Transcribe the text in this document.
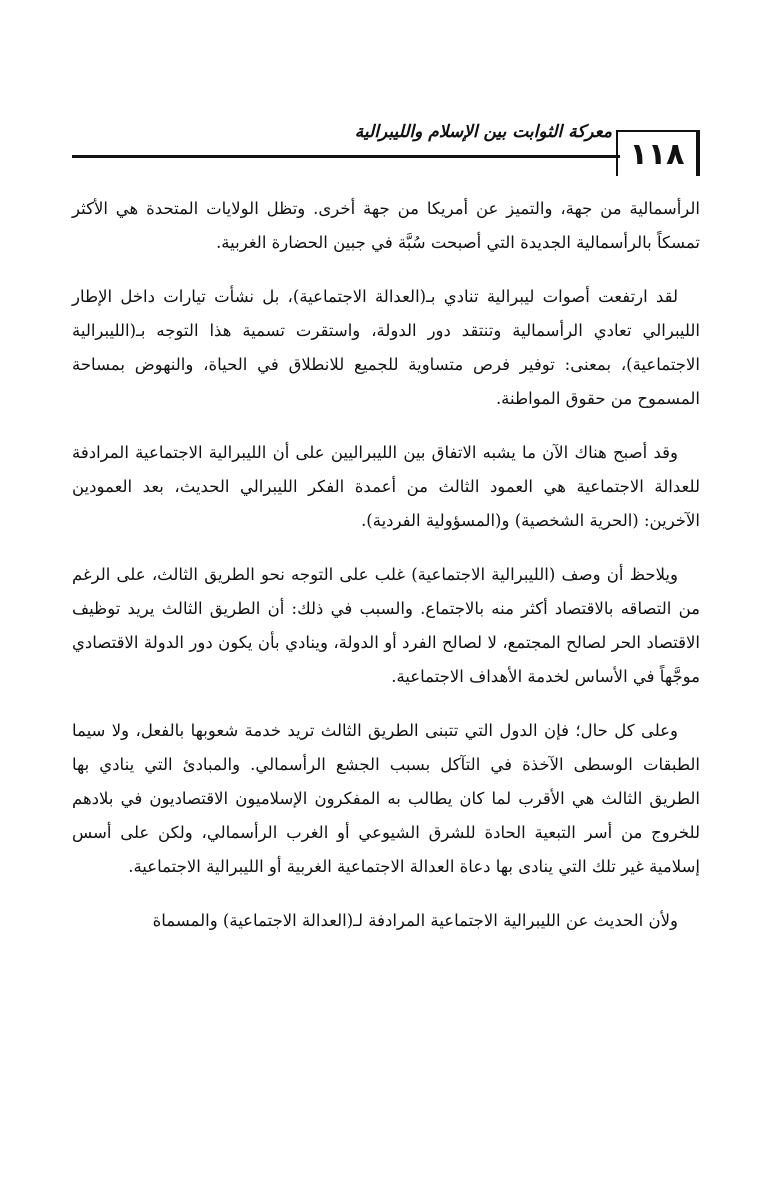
١١٨
معركة الثوابت بين الإسلام والليبرالية

الرأسمالية من جهة، والتميز عن أمريكا من جهة أخرى. وتظل الولايات المتحدة هي الأكثر تمسكاً بالرأسمالية الجديدة التي أصبحت سُبَّة في جبين الحضارة الغربية.

لقد ارتفعت أصوات ليبرالية تنادي بـ(العدالة الاجتماعية)، بل نشأت تيارات داخل الإطار الليبرالي تعادي الرأسمالية وتنتقد دور الدولة، واستقرت تسمية هذا التوجه بـ(الليبرالية الاجتماعية)، بمعنى: توفير فرص متساوية للجميع للانطلاق في الحياة، والنهوض بمساحة المسموح من حقوق المواطنة.

وقد أصبح هناك الآن ما يشبه الاتفاق بين الليبراليين على أن الليبرالية الاجتماعية المرادفة للعدالة الاجتماعية هي العمود الثالث من أعمدة الفكر الليبرالي الحديث، بعد العمودين الآخرين: (الحرية الشخصية) و(المسؤولية الفردية).

ويلاحظ أن وصف (الليبرالية الاجتماعية) غلب على التوجه نحو الطريق الثالث، على الرغم من التصاقه بالاقتصاد أكثر منه بالاجتماع. والسبب في ذلك: أن الطريق الثالث يريد توظيف الاقتصاد الحر لصالح المجتمع، لا لصالح الفرد أو الدولة، وينادي بأن يكون دور الدولة الاقتصادي موجَّهاً في الأساس لخدمة الأهداف الاجتماعية.

وعلى كل حال؛ فإن الدول التي تتبنى الطريق الثالث تريد خدمة شعوبها بالفعل، ولا سيما الطبقات الوسطى الآخذة في التآكل بسبب الجشع الرأسمالي. والمبادئ التي ينادي بها الطريق الثالث هي الأقرب لما كان يطالب به المفكرون الإسلاميون الاقتصاديون في بلادهم للخروج من أسر التبعية الحادة للشرق الشيوعي أو الغرب الرأسمالي، ولكن على أسس إسلامية غير تلك التي ينادى بها دعاة العدالة الاجتماعية الغربية أو الليبرالية الاجتماعية.

ولأن الحديث عن الليبرالية الاجتماعية المرادفة لـ(العدالة الاجتماعية) والمسماة
